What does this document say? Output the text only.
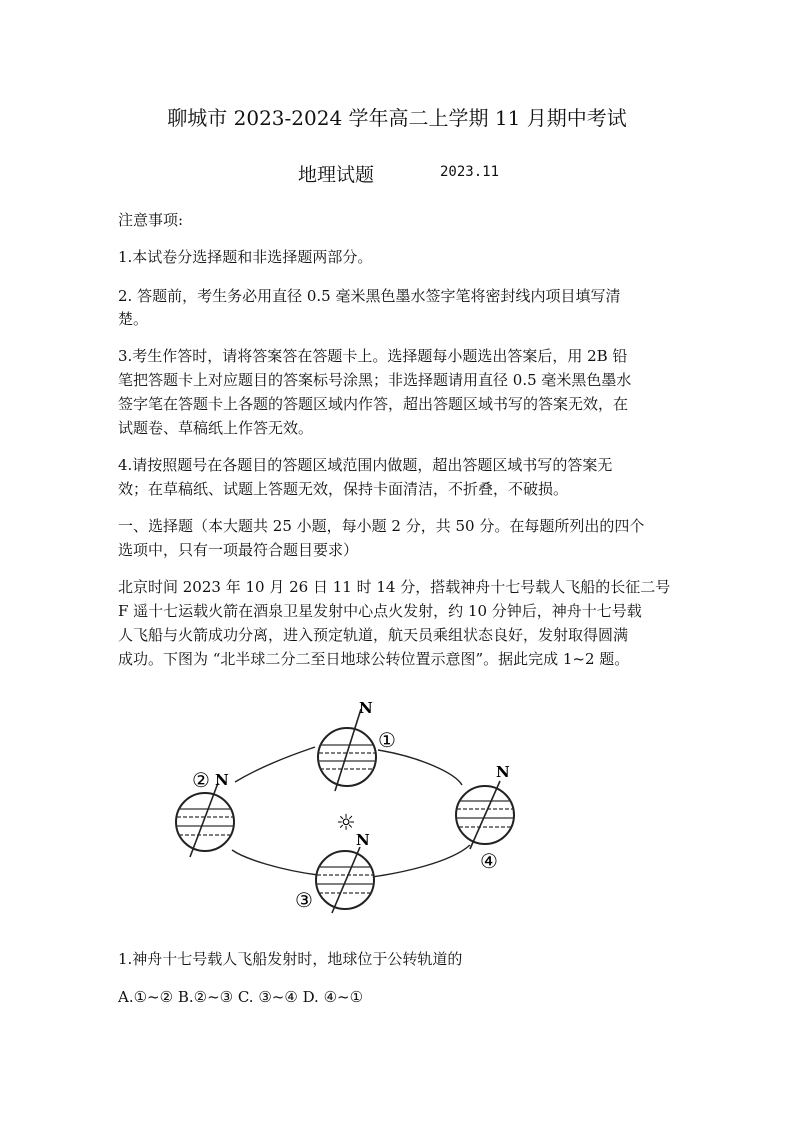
聊城市 2023-2024 学年高二上学期 11 月期中考试
地理试题	2023.11
注意事项:
1.本试卷分选择题和非选择题两部分。
2. 答题前，考生务必用直径 0.5 毫米黑色墨水签字笔将密封线内项目填写清
楚。
3.考生作答时，请将答案答在答题卡上。选择题每小题选出答案后，用 2B 铅
笔把答题卡上对应题目的答案标号涂黑；非选择题请用直径 0.5 毫米黑色墨水
签字笔在答题卡上各题的答题区域内作答，超出答题区域书写的答案无效，在
试题卷、草稿纸上作答无效。
4.请按照题号在各题目的答题区域范围内做题，超出答题区域书写的答案无
效；在草稿纸、试题上答题无效，保持卡面清洁，不折叠，不破损。
一、选择题（本大题共 25 小题，每小题 2 分，共 50 分。在每题所列出的四个
选项中，只有一项最符合题目要求）
北京时间 2023 年 10 月 26 日 11 时 14 分，搭载神舟十七号载人飞船的长征二号
F 遥十七运载火箭在酒泉卫星发射中心点火发射，约 10 分钟后，神舟十七号载
人飞船与火箭成功分离，进入预定轨道，航天员乘组状态良好，发射取得圆满
成功。下图为 “北半球二分二至日地球公转位置示意图”。据此完成 1~2 题。
☼
N
①
N
②
N
③
N
④
1.神舟十七号载人飞船发射时，地球位于公转轨道的
A.①~② B.②~③ C. ③~④ D. ④~①
